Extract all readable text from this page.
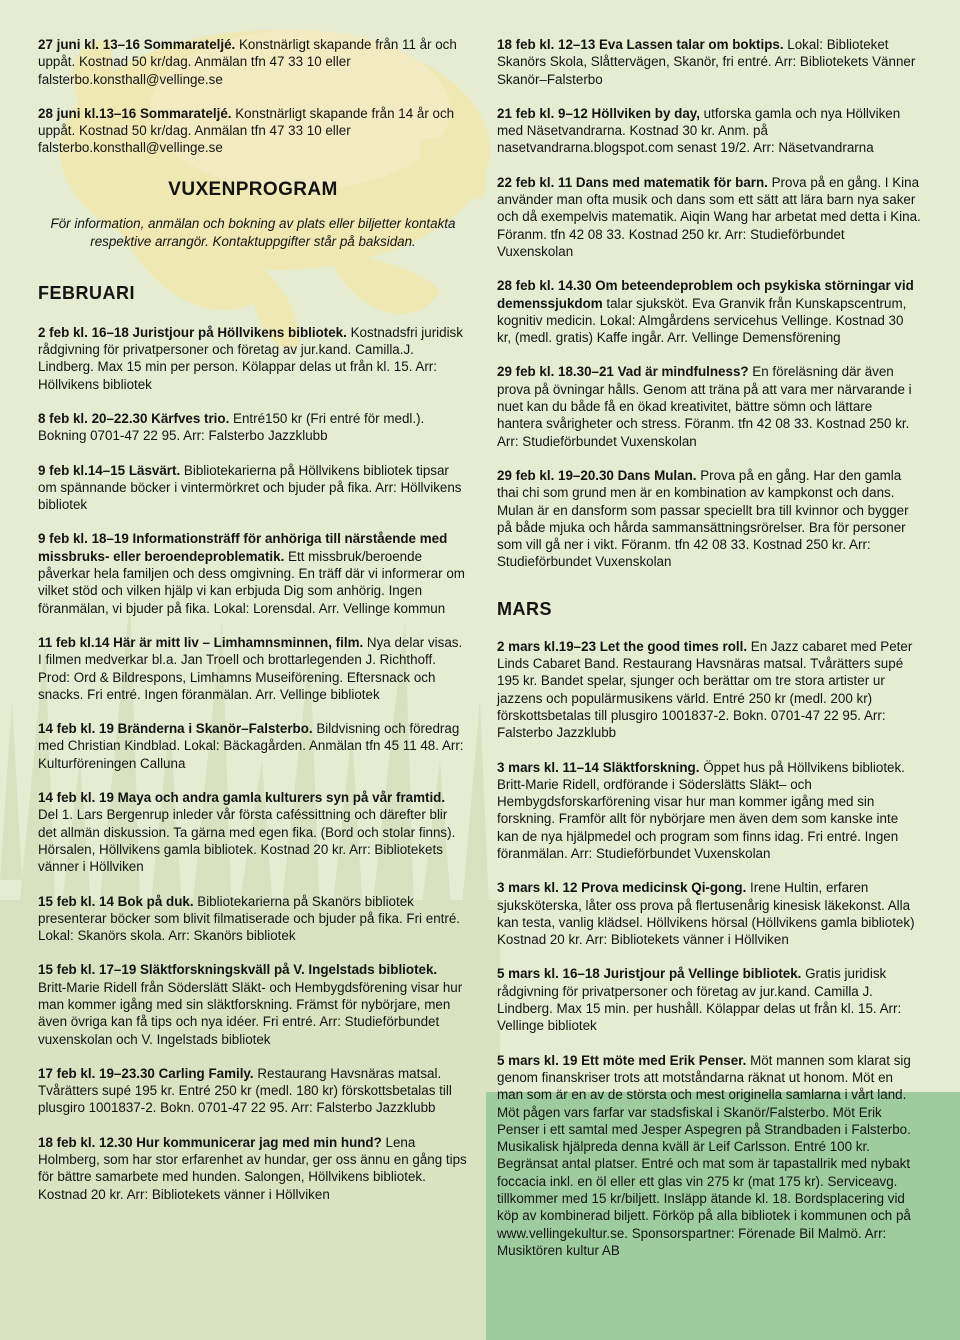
27 juni kl. 13–16 Sommarateljé. Konstnärligt skapande från 11 år och uppåt. Kostnad 50 kr/dag. Anmälan tfn 47 33 10 eller falsterbo.konsthall@vellinge.se
28 juni kl.13–16 Sommarateljé. Konstnärligt skapande från 14 år och uppåt. Kostnad 50 kr/dag. Anmälan tfn 47 33 10 eller falsterbo.konsthall@vellinge.se
VUXENPROGRAM
För information, anmälan och bokning av plats eller biljetter kontakta respektive arrangör. Kontaktuppgifter står på baksidan.
FEBRUARI
2 feb kl. 16–18 Juristjour på Höllvikens bibliotek. Kostnadsfri juridisk rådgivning för privatpersoner och företag av jur.kand. Camilla.J. Lindberg. Max 15 min per person. Kölappar delas ut från kl. 15. Arr: Höllvikens bibliotek
8 feb kl. 20–22.30 Kärfves trio. Entré150 kr (Fri entré för medl.). Bokning 0701-47 22 95. Arr: Falsterbo Jazzklubb
9 feb kl.14–15 Läsvärt. Bibliotekarierna på Höllvikens bibliotek tipsar om spännande böcker i vintermörkret och bjuder på fika. Arr: Höllvikens bibliotek
9 feb kl. 18–19 Informationsträff för anhöriga till närstående med missbruks- eller beroendeproblematik. Ett missbruk/beroende påverkar hela familjen och dess omgivning. En träff där vi informerar om vilket stöd och vilken hjälp vi kan erbjuda Dig som anhörig. Ingen föranmälan, vi bjuder på fika. Lokal: Lorensdal. Arr. Vellinge kommun
11 feb kl.14 Här är mitt liv – Limhamnsminnen, film. Nya delar visas. I filmen medverkar bl.a. Jan Troell och brottarlegenden J. Richthoff. Prod: Ord & Bildrespons, Limhamns Museiförening. Eftersnack och snacks. Fri entré. Ingen föranmälan. Arr. Vellinge bibliotek
14 feb kl. 19 Bränderna i Skanör–Falsterbo. Bildvisning och föredrag med Christian Kindblad. Lokal: Bäckagården. Anmälan tfn 45 11 48. Arr: Kulturföreningen Calluna
14 feb kl. 19 Maya och andra gamla kulturers syn på vår framtid. Del 1. Lars Bergenrup inleder vår första caféssittning och därefter blir det allmän diskussion. Ta gärna med egen fika. (Bord och stolar finns). Hörsalen, Höllvikens gamla bibliotek. Kostnad 20 kr. Arr: Bibliotekets vänner i Höllviken
15 feb kl. 14 Bok på duk. Bibliotekarierna på Skanörs bibliotek presenterar böcker som blivit filmatiserade och bjuder på fika. Fri entré. Lokal: Skanörs skola. Arr: Skanörs bibliotek
15 feb kl. 17–19 Släktforskningskväll på V. Ingelstads bibliotek. Britt-Marie Ridell från Söderslätt Släkt- och Hembygdsförening visar hur man kommer igång med sin släktforskning. Främst för nybörjare, men även övriga kan få tips och nya idéer. Fri entré. Arr: Studieförbundet vuxenskolan och V. Ingelstads bibliotek
17 feb kl. 19–23.30 Carling Family. Restaurang Havsnäras matsal. Tvårätters supé 195 kr. Entré 250 kr (medl. 180 kr) förskottsbetalas till plusgiro 1001837-2. Bokn. 0701-47 22 95. Arr: Falsterbo Jazzklubb
18 feb kl. 12.30 Hur kommunicerar jag med min hund? Lena Holmberg, som har stor erfarenhet av hundar, ger oss ännu en gång tips för bättre samarbete med hunden. Salongen, Höllvikens bibliotek. Kostnad 20 kr. Arr: Bibliotekets vänner i Höllviken
18 feb kl. 12–13 Eva Lassen talar om boktips. Lokal: Biblioteket Skanörs Skola, Slåttervägen, Skanör, fri entré. Arr: Bibliotekets Vänner Skanör–Falsterbo
21 feb kl. 9–12 Höllviken by day, utforska gamla och nya Höllviken med Näsetvandrarna. Kostnad 30 kr. Anm. på nasetvandrarna.blogspot.com senast 19/2. Arr: Näsetvandrarna
22 feb kl. 11 Dans med matematik för barn. Prova på en gång. I Kina använder man ofta musik och dans som ett sätt att lära barn nya saker och då exempelvis matematik. Aiqin Wang har arbetat med detta i Kina. Föranm. tfn 42 08 33. Kostnad 250 kr. Arr: Studieförbundet Vuxenskolan
28 feb kl. 14.30 Om beteendeproblem och psykiska störningar vid demenssjukdom talar sjuksköt. Eva Granvik från Kunskapscentrum, kognitiv medicin. Lokal: Almgårdens servicehus Vellinge. Kostnad 30 kr, (medl. gratis) Kaffe ingår. Arr. Vellinge Demensförening
29 feb kl. 18.30–21 Vad är mindfulness? En föreläsning där även prova på övningar hålls. Genom att träna på att vara mer närvarande i nuet kan du både få en ökad kreativitet, bättre sömn och lättare hantera svårigheter och stress. Föranm. tfn 42 08 33. Kostnad 250 kr. Arr: Studieförbundet Vuxenskolan
29 feb kl. 19–20.30 Dans Mulan. Prova på en gång. Har den gamla thai chi som grund men är en kombination av kampkonst och dans. Mulan är en dansform som passar speciellt bra till kvinnor och bygger på både mjuka och hårda sammansättningsrörelser. Bra för personer som vill gå ner i vikt. Föranm. tfn 42 08 33. Kostnad 250 kr. Arr: Studieförbundet Vuxenskolan
MARS
2 mars kl.19–23 Let the good times roll. En Jazz cabaret med Peter Linds Cabaret Band. Restaurang Havsnäras matsal. Tvårätters supé 195 kr. Bandet spelar, sjunger och berättar om tre stora artister ur jazzens och populärmusikens värld. Entré 250 kr (medl. 200 kr) förskottsbetalas till plusgiro 1001837-2. Bokn. 0701-47 22 95. Arr: Falsterbo Jazzklubb
3 mars kl. 11–14 Släktforskning. Öppet hus på Höllvikens bibliotek. Britt-Marie Ridell, ordförande i Söderslätts Släkt– och Hembygdsforskarförening visar hur man kommer igång med sin forskning. Framför allt för nybörjare men även dem som kanske inte kan de nya hjälpmedel och program som finns idag. Fri entré. Ingen föranmälan. Arr: Studieförbundet Vuxenskolan
3 mars kl. 12 Prova medicinsk Qi-gong. Irene Hultin, erfaren sjuksköterska, låter oss prova på flertusenårig kinesisk läkekonst. Alla kan testa, vanlig klädsel. Höllvikens hörsal (Höllvikens gamla bibliotek) Kostnad 20 kr. Arr: Bibliotekets vänner i Höllviken
5 mars kl. 16–18 Juristjour på Vellinge bibliotek. Gratis juridisk rådgivning för privatpersoner och företag av jur.kand. Camilla J. Lindberg. Max 15 min. per hushåll. Kölappar delas ut från kl. 15. Arr: Vellinge bibliotek
5 mars kl. 19 Ett möte med Erik Penser. Möt mannen som klarat sig genom finanskriser trots att motståndarna räknat ut honom. Möt en man som är en av de största och mest originella samlarna i vårt land. Möt pågen vars farfar var stadsfiskal i Skanör/Falsterbo. Möt Erik Penser i ett samtal med Jesper Aspegren på Strandbaden i Falsterbo. Musikalisk hjälpreda denna kväll är Leif Carlsson. Entré 100 kr. Begränsat antal platser. Entré och mat som är tapastallrik med nybakt foccacia inkl. en öl eller ett glas vin 275 kr (mat 175 kr). Serviceavg. tillkommer med 15 kr/biljett. Insläpp ätande kl. 18. Bordsplacering vid köp av kombinerad biljett. Förköp på alla bibliotek i kommunen och på www.vellingekultur.se. Sponsorspartner: Förenade Bil Malmö. Arr: Musiktören kultur AB
